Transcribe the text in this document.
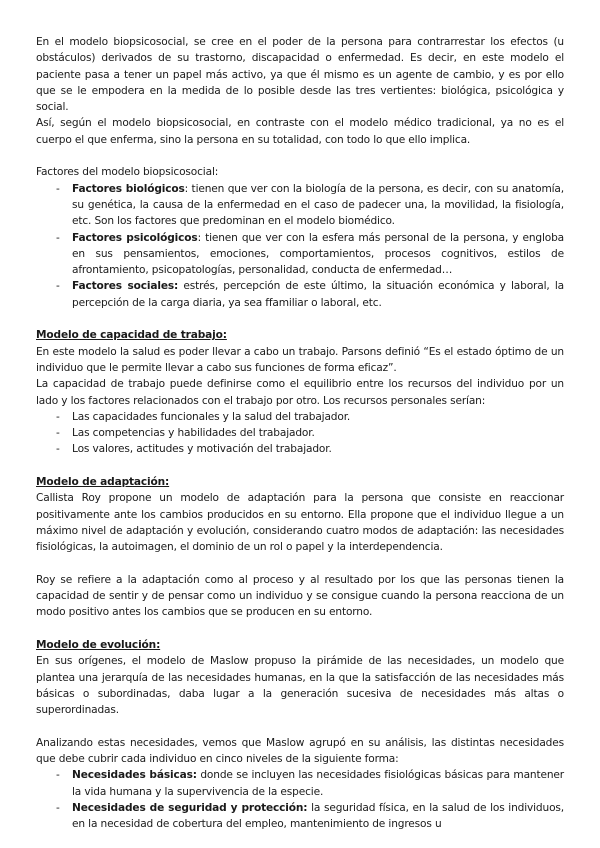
En el modelo biopsicosocial, se cree en el poder de la persona para contrarrestar los efectos (u obstáculos) derivados de su trastorno, discapacidad o enfermedad. Es decir, en este modelo el paciente pasa a tener un papel más activo, ya que él mismo es un agente de cambio, y es por ello que se le empodera en la medida de lo posible desde las tres vertientes: biológica, psicológica y social.

Así, según el modelo biopsicosocial, en contraste con el modelo médico tradicional, ya no es el cuerpo el que enferma, sino la persona en su totalidad, con todo lo que ello implica.

Factores del modelo biopsicosocial:

- Factores biológicos: tienen que ver con la biología de la persona, es decir, con su anatomía, su genética, la causa de la enfermedad en el caso de padecer una, la movilidad, la fisiología, etc. Son los factores que predominan en el modelo biomédico.
- Factores psicológicos: tienen que ver con la esfera más personal de la persona, y engloba en sus pensamientos, emociones, comportamientos, procesos cognitivos, estilos de afrontamiento, psicopatologías, personalidad, conducta de enfermedad…
- Factores sociales: estrés, percepción de este último, la situación económica y laboral, la percepción de la carga diaria, ya sea ffamiliar o laboral, etc.
Modelo de capacidad de trabajo:

En este modelo la salud es poder llevar a cabo un trabajo. Parsons definió “Es el estado óptimo de un individuo que le permite llevar a cabo sus funciones de forma eficaz”.

La capacidad de trabajo puede definirse como el equilibrio entre los recursos del individuo por un lado y los factores relacionados con el trabajo por otro. Los recursos personales serían:

- Las capacidades funcionales y la salud del trabajador.
- Las competencias y habilidades del trabajador.
- Los valores, actitudes y motivación del trabajador.
Modelo de adaptación:

Callista Roy propone un modelo de adaptación para la persona que consiste en reaccionar positivamente ante los cambios producidos en su entorno. Ella propone que el individuo llegue a un máximo nivel de adaptación y evolución, considerando cuatro modos de adaptación: las necesidades fisiológicas, la autoimagen, el dominio de un rol o papel y la interdependencia.

Roy se refiere a la adaptación como al proceso y al resultado por los que las personas tienen la capacidad de sentir y de pensar como un individuo y se consigue cuando la persona reacciona de un modo positivo antes los cambios que se producen en su entorno.

Modelo de evolución:

En sus orígenes, el modelo de Maslow propuso la pirámide de las necesidades, un modelo que plantea una jerarquía de las necesidades humanas, en la que la satisfacción de las necesidades más básicas o subordinadas, daba lugar a la generación sucesiva de necesidades más altas o superordinadas.

Analizando estas necesidades, vemos que Maslow agrupó en su análisis, las distintas necesidades que debe cubrir cada individuo en cinco niveles de la siguiente forma:

- Necesidades básicas: donde se incluyen las necesidades fisiológicas básicas para mantener la vida humana y la supervivencia de la especie.
- Necesidades de seguridad y protección: la seguridad física, en la salud de los individuos, en la necesidad de cobertura del empleo, mantenimiento de ingresos u
